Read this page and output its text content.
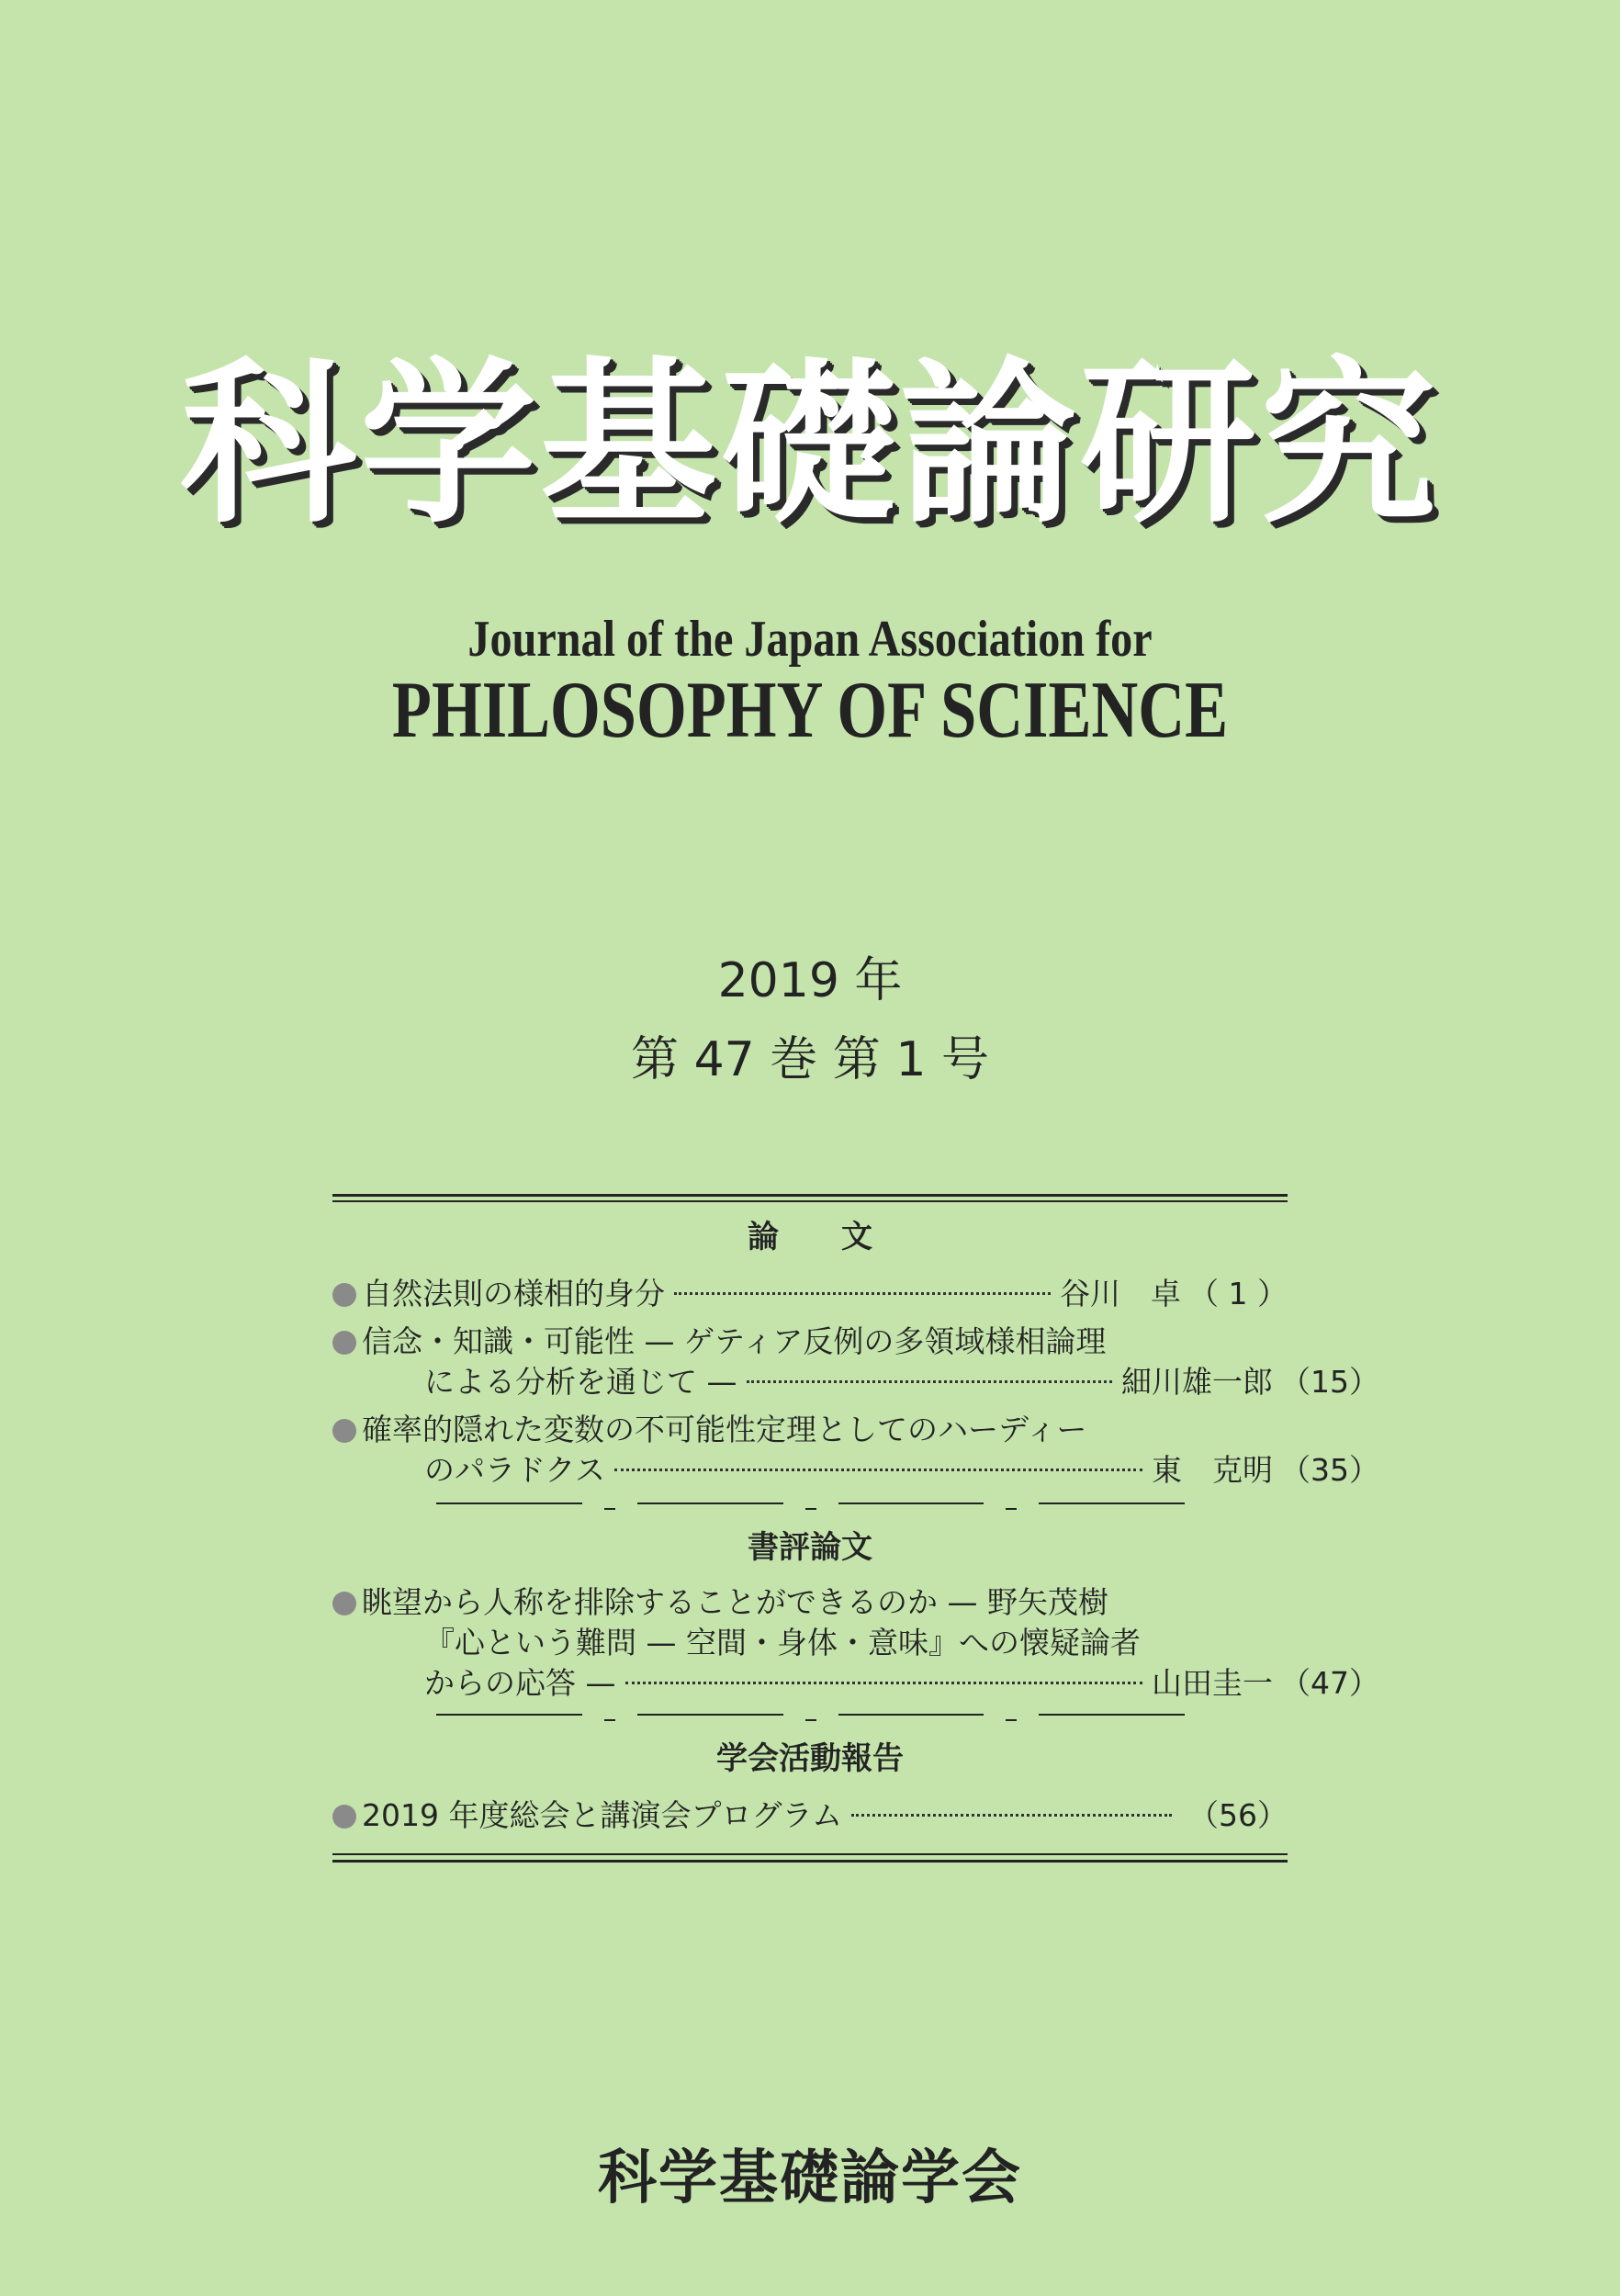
科学基礎論研究
Journal of the Japan Association for
PHILOSOPHY OF SCIENCE
2019 年
第 47 巻 第 1 号
論　　文
自然法則の様相的身分	谷川　卓 （ 1 ）
信念・知識・可能性 — ゲティア反例の多領域様相論理
による分析を通じて —	細川雄一郎 （15）
確率的隠れた変数の不可能性定理としてのハーディー
のパラドクス	東　克明 （35）
書評論文
眺望から人称を排除することができるのか — 野矢茂樹
『心という難問 — 空間・身体・意味』への懐疑論者
からの応答 —	山田圭一 （47）
学会活動報告
2019 年度総会と講演会プログラム	（56）
科学基礎論学会
